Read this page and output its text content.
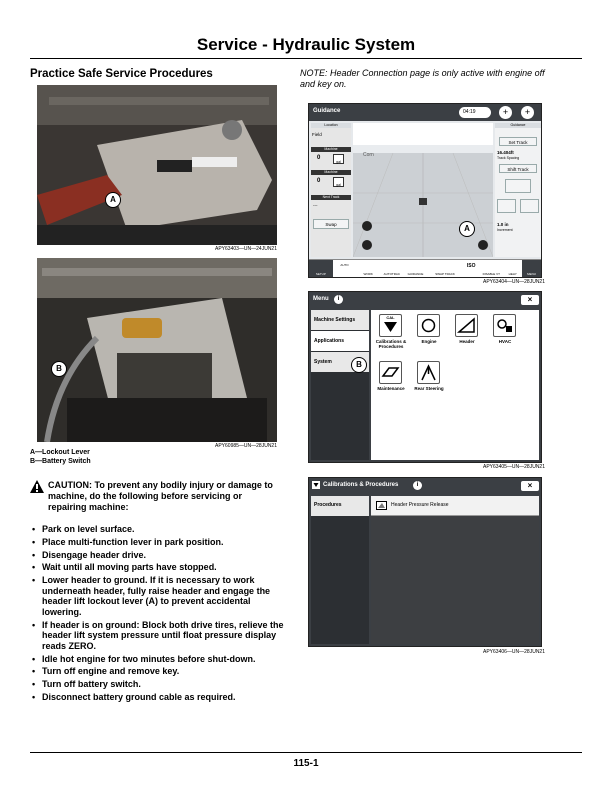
Service - Hydraulic System
Practice Safe Service Procedures	NOTE: Header Connection page is only active with engine off and key on.
A
APY63403—UN—24JUN21
B
APY60985—UN—28JUN21
A—Lockout Lever
B—Battery Switch
CAUTION: To prevent any bodily injury or damage to machine, do the following before servicing or repairing machine:
• Park on level surface.
• Place multi-function lever in park position.
• Disengage header drive.
• Wait until all moving parts have stopped.
• Lower header to ground. If it is necessary to work underneath header, fully raise header and engage the header lift lockout lever (A) to prevent accidental lowering.
• If header is on ground: Block both drive tires, relieve the header lift system pressure until float pressure display reads ZERO.
• Idle hot engine for two minutes before shut-down.
• Turn off engine and remove key.
• Turn off battery switch.
• Disconnect battery ground cable as required.
Guidance	04:19	+	+
Location
Field
Machine
0
gal
Machine
0
gal
Next Track
---
Swap
Corn
Guidance
Set Track
16.404ft
Track Spacing
Shift Track
1.0 in
Increment
A
SETUP
AUTO
WORK	AUTOTRAC	GUIDANCE	SWAP TRACK
ISO
DISABLE VT	HELP	MENU
APY63404—UN—28JUN21
Menu	i	×
Machine Settings
Applications
System
CAL
Calibrations & Procedures
Engine	Header	HVAC
Maintenance	Rear Steering
B
APY63405—UN—28JUN21
Calibrations & Procedures	i	×
Procedures	Header Pressure Release
APY63406—UN—28JUN21
115-1
